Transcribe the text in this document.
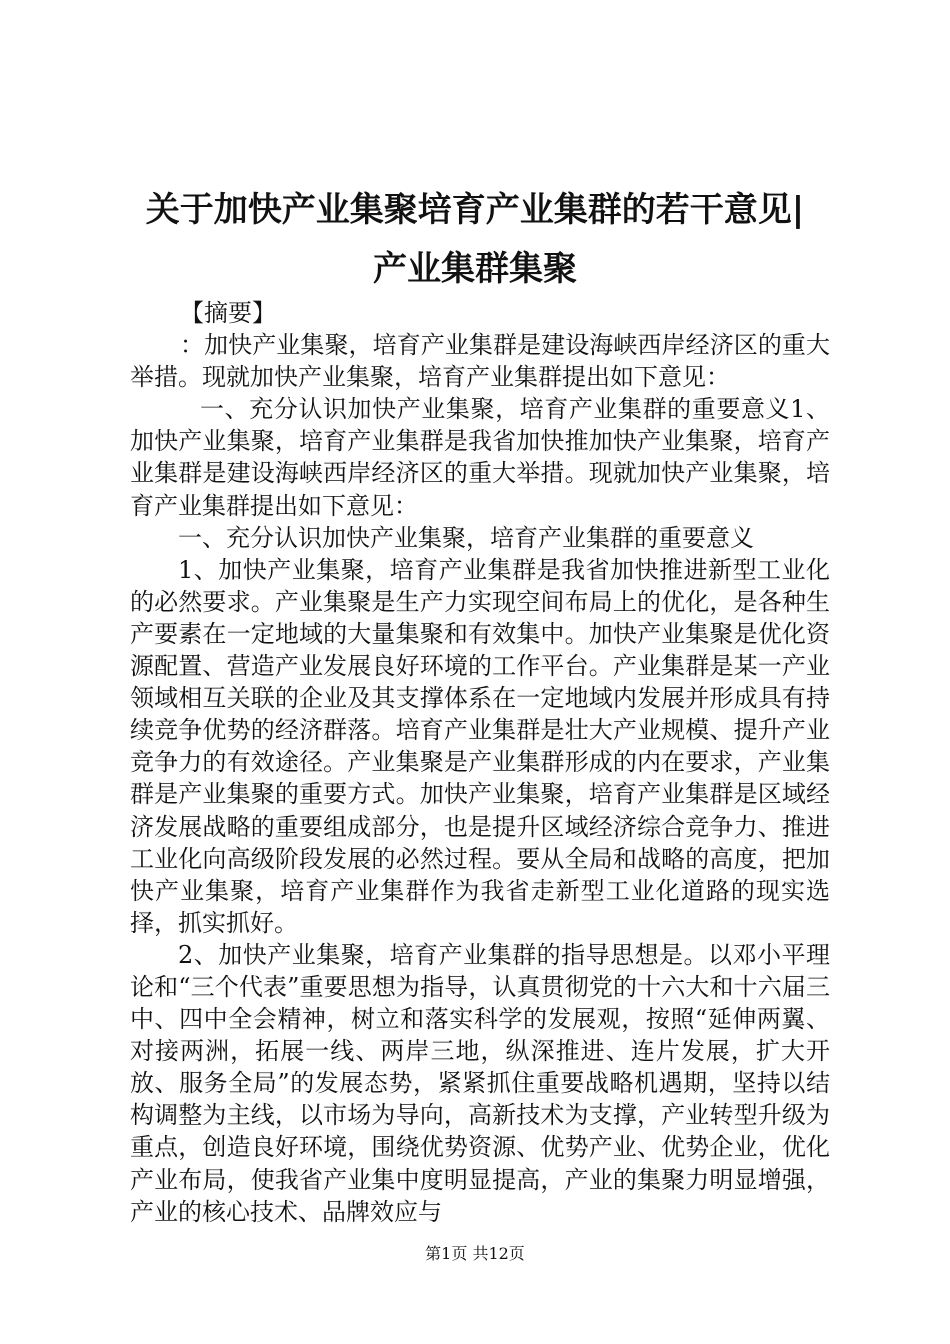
关于加快产业集聚培育产业集群的若干意见|
产业集群集聚

【摘要】

：加快产业集聚，培育产业集群是建设海峡西岸经济区的重大举措。现就加快产业集聚，培育产业集群提出如下意见：

一、充分认识加快产业集聚，培育产业集群的重要意义1、加快产业集聚，培育产业集群是我省加快推加快产业集聚，培育产业集群是建设海峡西岸经济区的重大举措。现就加快产业集聚，培育产业集群提出如下意见：

一、充分认识加快产业集聚，培育产业集群的重要意义

1、加快产业集聚，培育产业集群是我省加快推进新型工业化的必然要求。产业集聚是生产力实现空间布局上的优化，是各种生产要素在一定地域的大量集聚和有效集中。加快产业集聚是优化资源配置、营造产业发展良好环境的工作平台。产业集群是某一产业领域相互关联的企业及其支撑体系在一定地域内发展并形成具有持续竞争优势的经济群落。培育产业集群是壮大产业规模、提升产业竞争力的有效途径。产业集聚是产业集群形成的内在要求，产业集群是产业集聚的重要方式。加快产业集聚，培育产业集群是区域经济发展战略的重要组成部分，也是提升区域经济综合竞争力、推进工业化向高级阶段发展的必然过程。要从全局和战略的高度，把加快产业集聚，培育产业集群作为我省走新型工业化道路的现实选择，抓实抓好。

2、加快产业集聚，培育产业集群的指导思想是。以邓小平理论和“三个代表”重要思想为指导，认真贯彻党的十六大和十六届三中、四中全会精神，树立和落实科学的发展观，按照“延伸两翼、对接两洲，拓展一线、两岸三地，纵深推进、连片发展，扩大开放、服务全局”的发展态势，紧紧抓住重要战略机遇期，坚持以结构调整为主线，以市场为导向，高新技术为支撑，产业转型升级为重点，创造良好环境，围绕优势资源、优势产业、优势企业，优化产业布局，使我省产业集中度明显提高，产业的集聚力明显增强，产业的核心技术、品牌效应与

第1页 共12页
